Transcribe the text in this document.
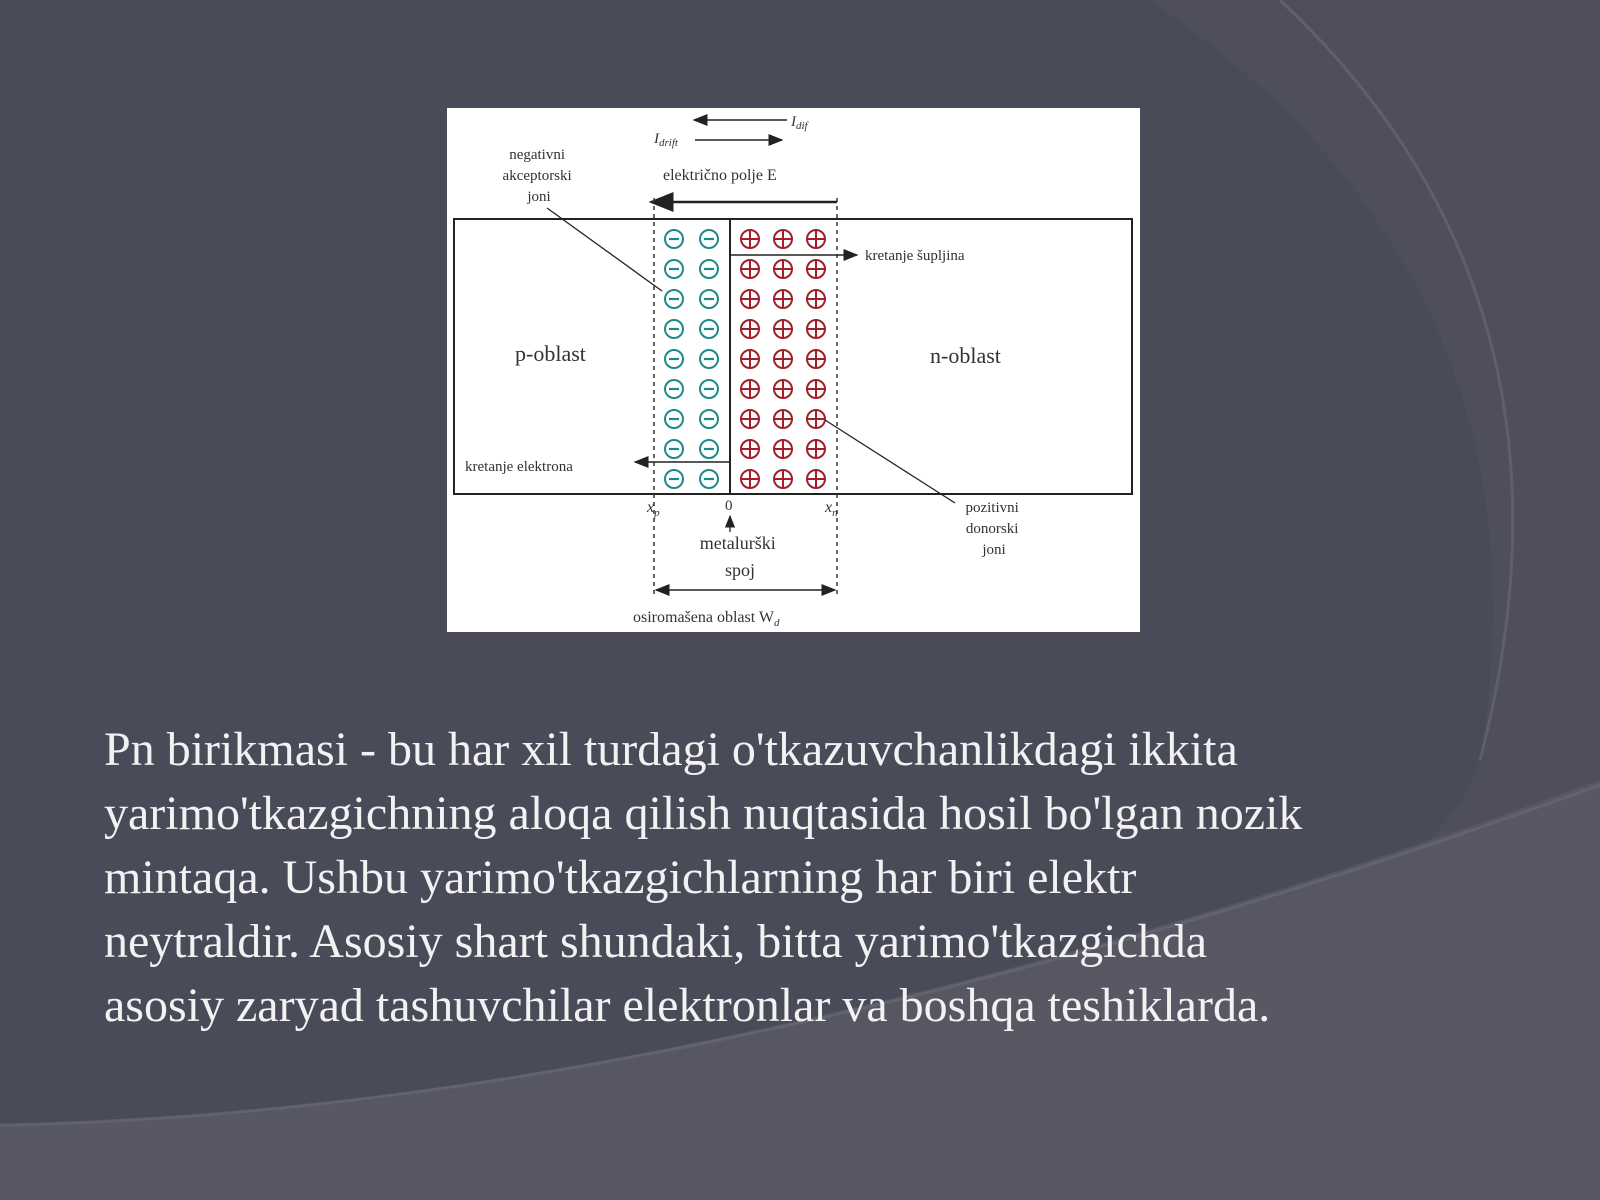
$I_{dif}$
$I_{drift}$
električno polje E
negativni akceptorski joni
kretanje šupljina
kretanje elektrona
p-oblast	n-oblast
pozitivni donorski joni
$x_p$	0	$x_n$
metalurški spoj
osiromašena oblast $W_d$
Pn birikmasi - bu har xil turdagi o'tkazuvchanlikdagi ikkita
yarimo'tkazgichning aloqa qilish nuqtasida hosil bo'lgan nozik
mintaqa. Ushbu yarimo'tkazgichlarning har biri elektr
neytraldir. Asosiy shart shundaki, bitta yarimo'tkazgichda
asosiy zaryad tashuvchilar elektronlar va boshqa teshiklarda.
